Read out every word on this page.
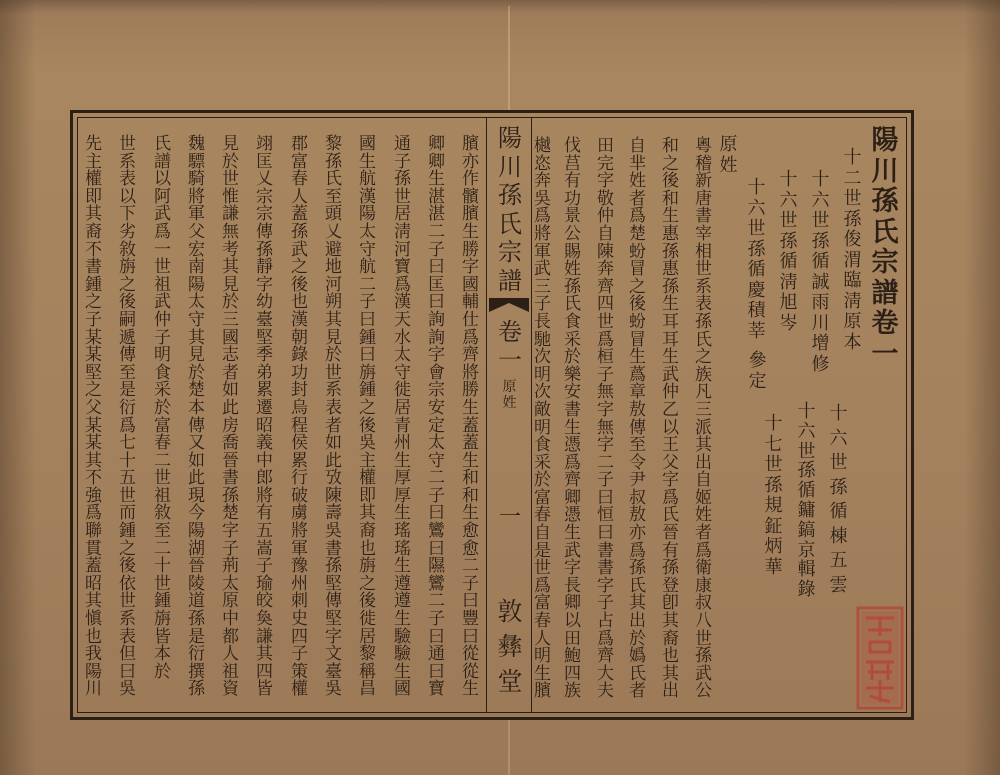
陽川孫氏宗譜卷一
十二世孫俊渭臨淸原本
十六世孫循誠雨川增修
十六世孫循淸旭岑
十六世孫循慶積莘
參定
十六世孫循棟五雲
十六世孫循鏞鎬京輯錄
十七世孫規鉦炳華
原姓
粵稽新唐書宰相世系表孫氏之族凡三派其出自姬姓者爲衛康叔八世孫武公
和之後和生惠孫惠孫生耳耳生武仲乙以王父字爲氏晉有孫登卽其裔也其出
自芈姓者爲楚蚡冒之後蚡冒生蔿章敖傳至令尹叔敖亦爲孫氏其出於嬀氏者
田完字敬仲自陳奔齊四世爲桓子無字無字二子曰恒曰書書字子占爲齊大夫
伐莒有功景公賜姓孫氏食采於樂安書生憑爲齊卿憑生武字長卿以田鮑四族
樾恣奔吳爲將軍武三子長馳次明次敵明食采於富春自是世爲富春人明生臏
陽川孫氏宗譜
卷一
原姓
一
敦彝堂
臏亦作髕臏生勝字國輔仕爲齊將勝生蓋蓋生和和生愈愈二子曰豐曰從從生
卿卿生湛湛二子曰匡曰詢詢字會宗安定太守二子曰鸞曰隰鸞二子曰通曰寶
通子孫世居淸河寶爲漢天水太守徙居青州生厚厚生瑤瑤生遵遵生驗驗生國
國生航漢陽太守航二子曰鍾曰旃鍾之後吳主權即其裔也旃之後徙居黎稱昌
黎孫氏至頭乂避地河朔其見於世系表者如此攷陳壽吳書孫堅傳堅字文臺吳
郡富春人蓋孫武之後也漢朝錄功封烏程侯累行破虜將軍豫州刺史四子策權
翊匡乂宗宗傳孫靜字幼臺堅季弟累遷昭義中郎將有五嵩子瑜皎奐謙其四皆
見於世惟謙無考其見於三國志者如此房喬晉書孫楚字子荊太原中都人祖資
魏驃騎將軍父宏南陽太守其見於楚本傳又如此現今陽湖晉陵道孫是衍撰孫
氏譜以阿武爲一世祖武仲子明食采於富春二世祖敘至二十世鍾旃皆本於
世系表以下劣敘旃之後嗣遞傳至是衍爲七十五世而鍾之後依世系表但曰吳
先主權即其裔不書鍾之子某某堅之父某某其不強爲聯貫蓋昭其愼也我陽川
